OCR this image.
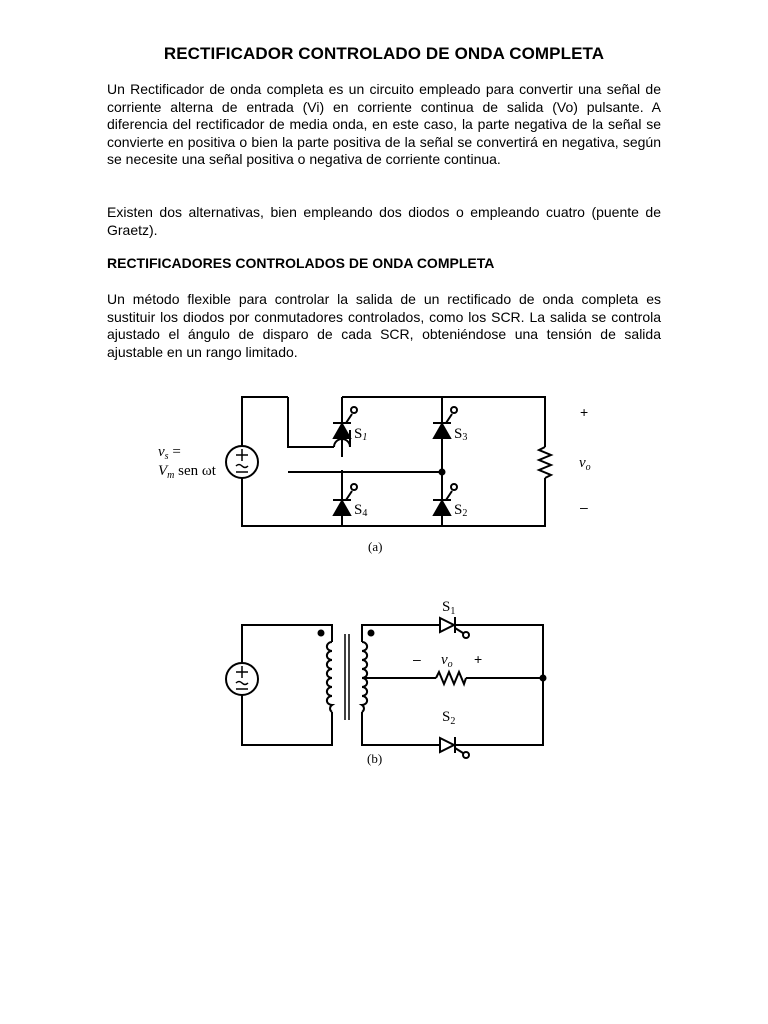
RECTIFICADOR CONTROLADO DE ONDA COMPLETA

Un Rectificador de onda completa es un circuito empleado para convertir una señal de corriente alterna de entrada (Vi) en corriente continua de salida (Vo) pulsante. A diferencia del rectificador de media onda, en este caso, la parte negativa de la señal se convierte en positiva o bien la parte positiva de la señal se convertirá en negativa, según se necesite una señal positiva o negativa de corriente continua.

Existen dos alternativas, bien empleando dos diodos o empleando cuatro (puente de Graetz).

RECTIFICADORES CONTROLADOS DE ONDA COMPLETA

Un método flexible para controlar la salida de un rectificado de onda completa es sustituir los diodos por conmutadores controlados, como los SCR. La salida se controla ajustado el ángulo de disparo de cada SCR, obteniéndose una tensión de salida ajustable en un rango limitado.

$v_s$ =
$V_m$ sen ωt
S1	S3
S4	S2
+
–
$v_o$
(a)
$S_1$
$S_2$
– $v_o$ +
(b)
